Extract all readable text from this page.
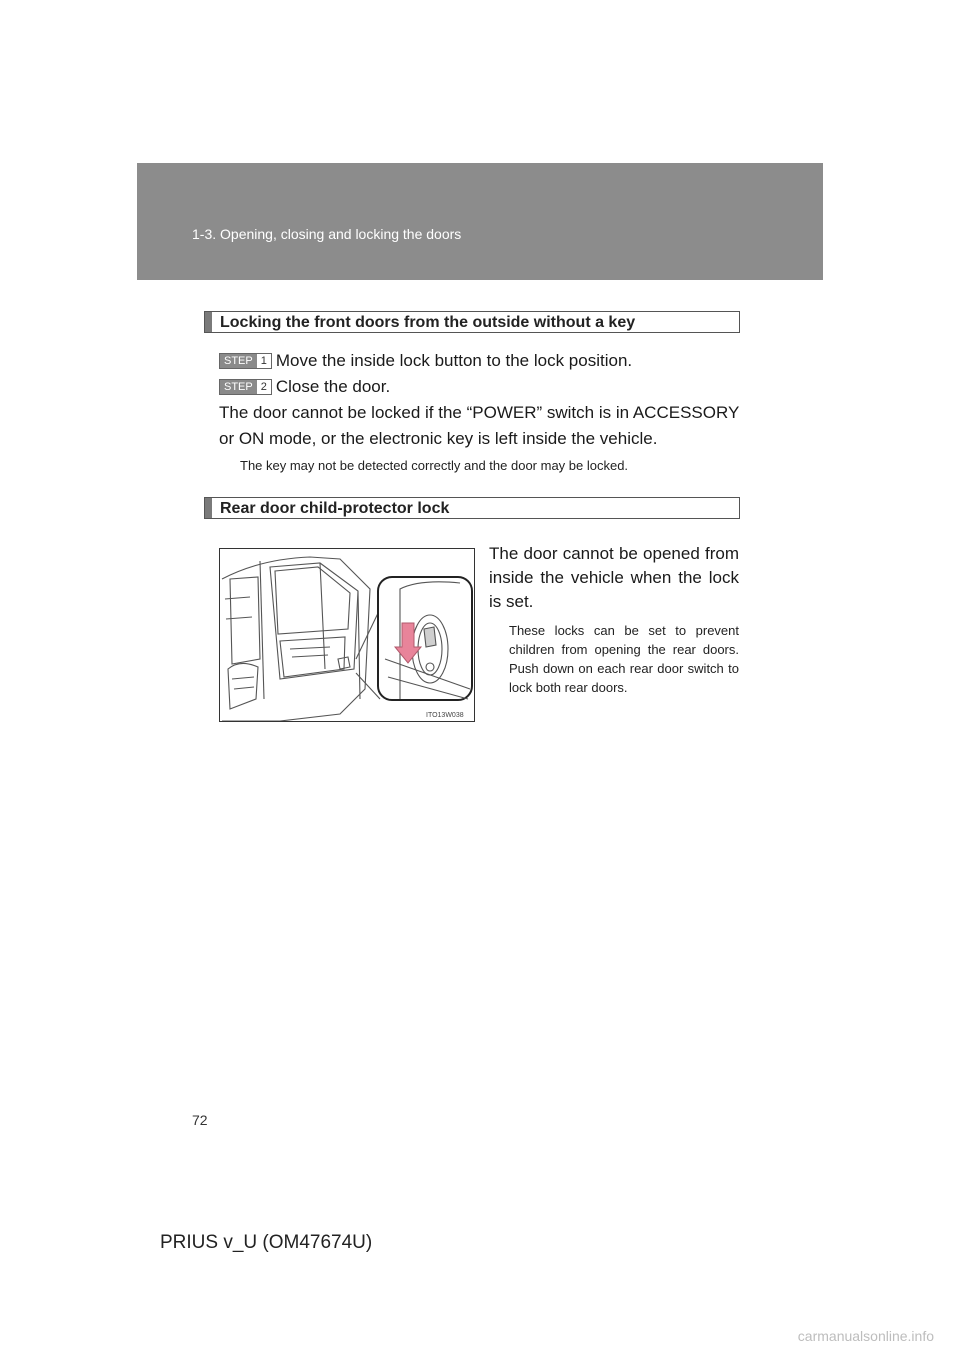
1-3. Opening, closing and locking the doors
Locking the front doors from the outside without a key
STEP 1 Move the inside lock button to the lock position.
STEP 2 Close the door.
The door cannot be locked if the “POWER” switch is in ACCESSORY or ON mode, or the electronic key is left inside the vehicle.
The key may not be detected correctly and the door may be locked.
Rear door child-protector lock
ITO13W038
The door cannot be opened from inside the vehicle when the lock is set.
These locks can be set to prevent children from opening the rear doors. Push down on each rear door switch to lock both rear doors.
72
PRIUS v_U (OM47674U)
carmanualsonline.info
